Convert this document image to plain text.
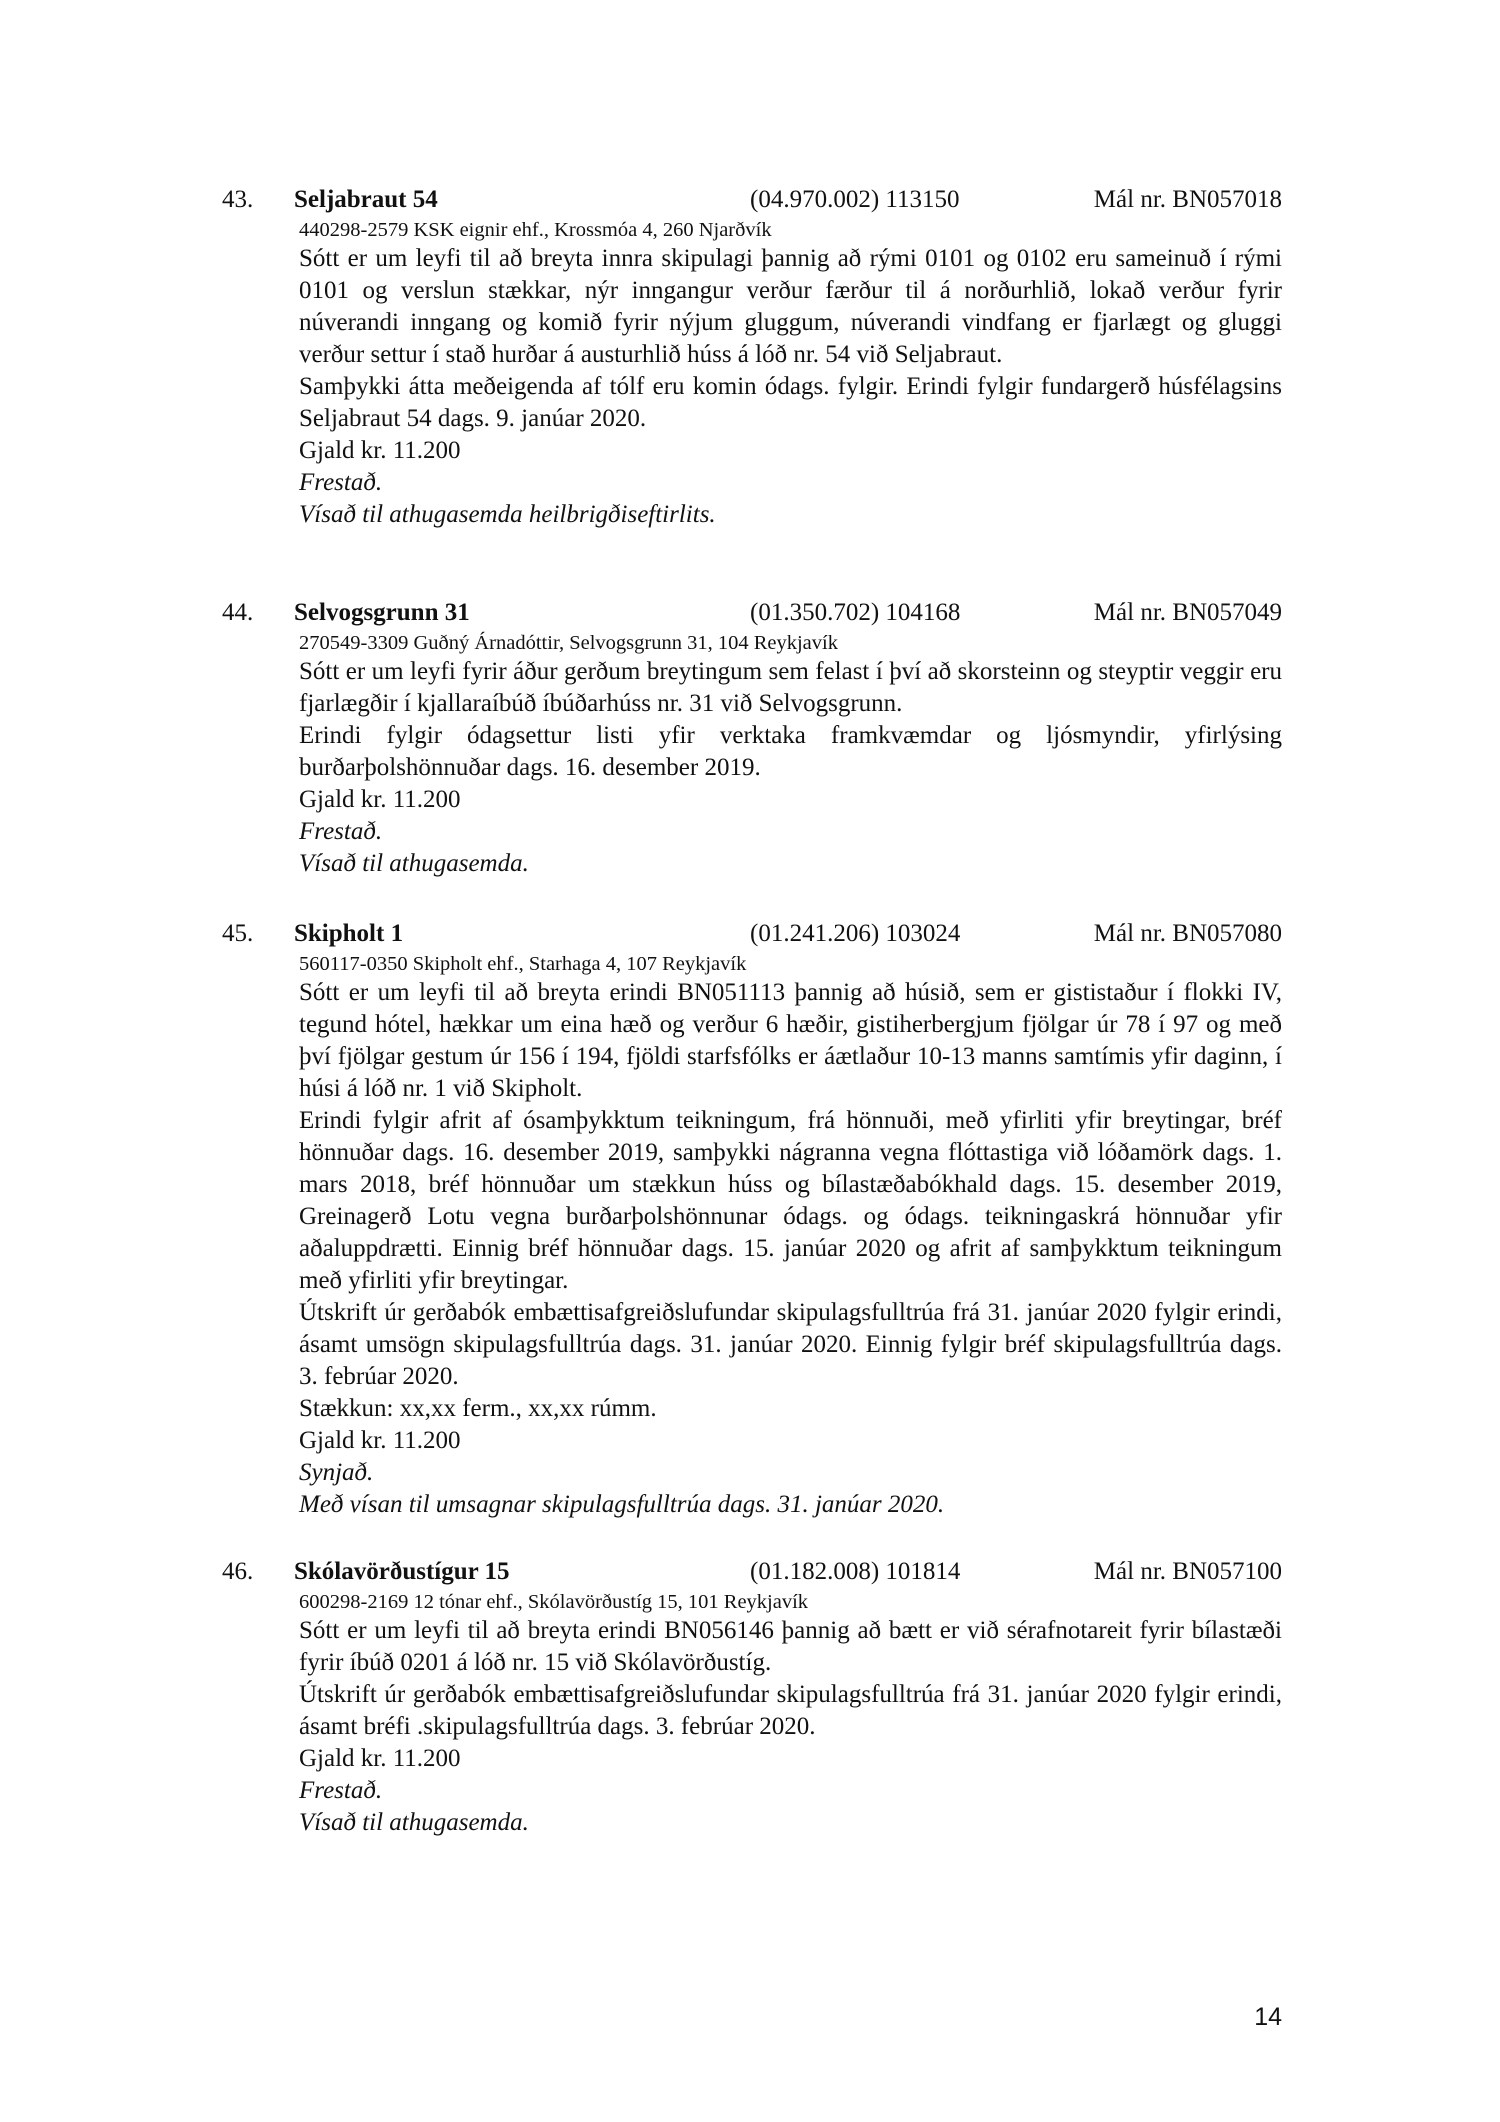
43. Seljabraut 54	(04.970.002) 113150	Mál nr. BN057018
440298-2579 KSK eignir ehf., Krossmóa 4, 260 Njarðvík

Sótt er um leyfi til að breyta innra skipulagi þannig að rými 0101 og 0102 eru sameinuð í rými 0101 og verslun stækkar, nýr inngangur verður færður til á norðurhlið, lokað verður fyrir núverandi inngang og komið fyrir nýjum gluggum, núverandi vindfang er fjarlægt og gluggi verður settur í stað hurðar á austurhlið húss á lóð nr. 54 við Seljabraut.

Samþykki átta meðeigenda af tólf eru komin ódags. fylgir. Erindi fylgir fundargerð húsfélagsins Seljabraut 54 dags. 9. janúar 2020.

Gjald kr. 11.200

Frestað.

Vísað til athugasemda heilbrigðiseftirlits.

44. Selvogsgrunn 31	(01.350.702) 104168	Mál nr. BN057049
270549-3309 Guðný Árnadóttir, Selvogsgrunn 31, 104 Reykjavík

Sótt er um leyfi fyrir áður gerðum breytingum sem felast í því að skorsteinn og steyptir veggir eru fjarlægðir í kjallaraíbúð íbúðarhúss nr. 31 við Selvogsgrunn.

Erindi fylgir ódagsettur listi yfir verktaka framkvæmdar og ljósmyndir, yfirlýsing burðarþolshönnuðar dags. 16. desember 2019.

Gjald kr. 11.200

Frestað.

Vísað til athugasemda.

45. Skipholt 1	(01.241.206) 103024	Mál nr. BN057080
560117-0350 Skipholt ehf., Starhaga 4, 107 Reykjavík

Sótt er um leyfi til að breyta erindi BN051113 þannig að húsið, sem er gististaður í flokki IV, tegund hótel, hækkar um eina hæð og verður 6 hæðir, gistiherbergjum fjölgar úr 78 í 97 og með því fjölgar gestum úr 156 í 194, fjöldi starfsfólks er áætlaður 10-13 manns samtímis yfir daginn, í húsi á lóð nr. 1 við Skipholt.

Erindi fylgir afrit af ósamþykktum teikningum, frá hönnuði, með yfirliti yfir breytingar, bréf hönnuðar dags. 16. desember 2019, samþykki nágranna vegna flóttastiga við lóðamörk dags. 1. mars 2018, bréf hönnuðar um stækkun húss og bílastæðabókhald dags. 15. desember 2019, Greinagerð Lotu vegna burðarþolshönnunar ódags. og ódags. teikningaskrá hönnuðar yfir aðaluppdrætti. Einnig bréf hönnuðar dags. 15. janúar 2020 og afrit af samþykktum teikningum með yfirliti yfir breytingar.

Útskrift úr gerðabók embættisafgreiðslufundar skipulagsfulltrúa frá 31. janúar 2020 fylgir erindi, ásamt umsögn skipulagsfulltrúa dags. 31. janúar 2020. Einnig fylgir bréf skipulagsfulltrúa dags. 3. febrúar 2020.

Stækkun: xx,xx ferm., xx,xx rúmm.

Gjald kr. 11.200

Synjað.

Með vísan til umsagnar skipulagsfulltrúa dags. 31. janúar 2020.

46. Skólavörðustígur 15	(01.182.008) 101814	Mál nr. BN057100
600298-2169 12 tónar ehf., Skólavörðustíg 15, 101 Reykjavík

Sótt er um leyfi til að breyta erindi BN056146 þannig að bætt er við sérafnotareit fyrir bílastæði fyrir íbúð 0201 á lóð nr. 15 við Skólavörðustíg.

Útskrift úr gerðabók embættisafgreiðslufundar skipulagsfulltrúa frá 31. janúar 2020 fylgir erindi, ásamt bréfi .skipulagsfulltrúa dags. 3. febrúar 2020.

Gjald kr. 11.200

Frestað.

Vísað til athugasemda.

14
